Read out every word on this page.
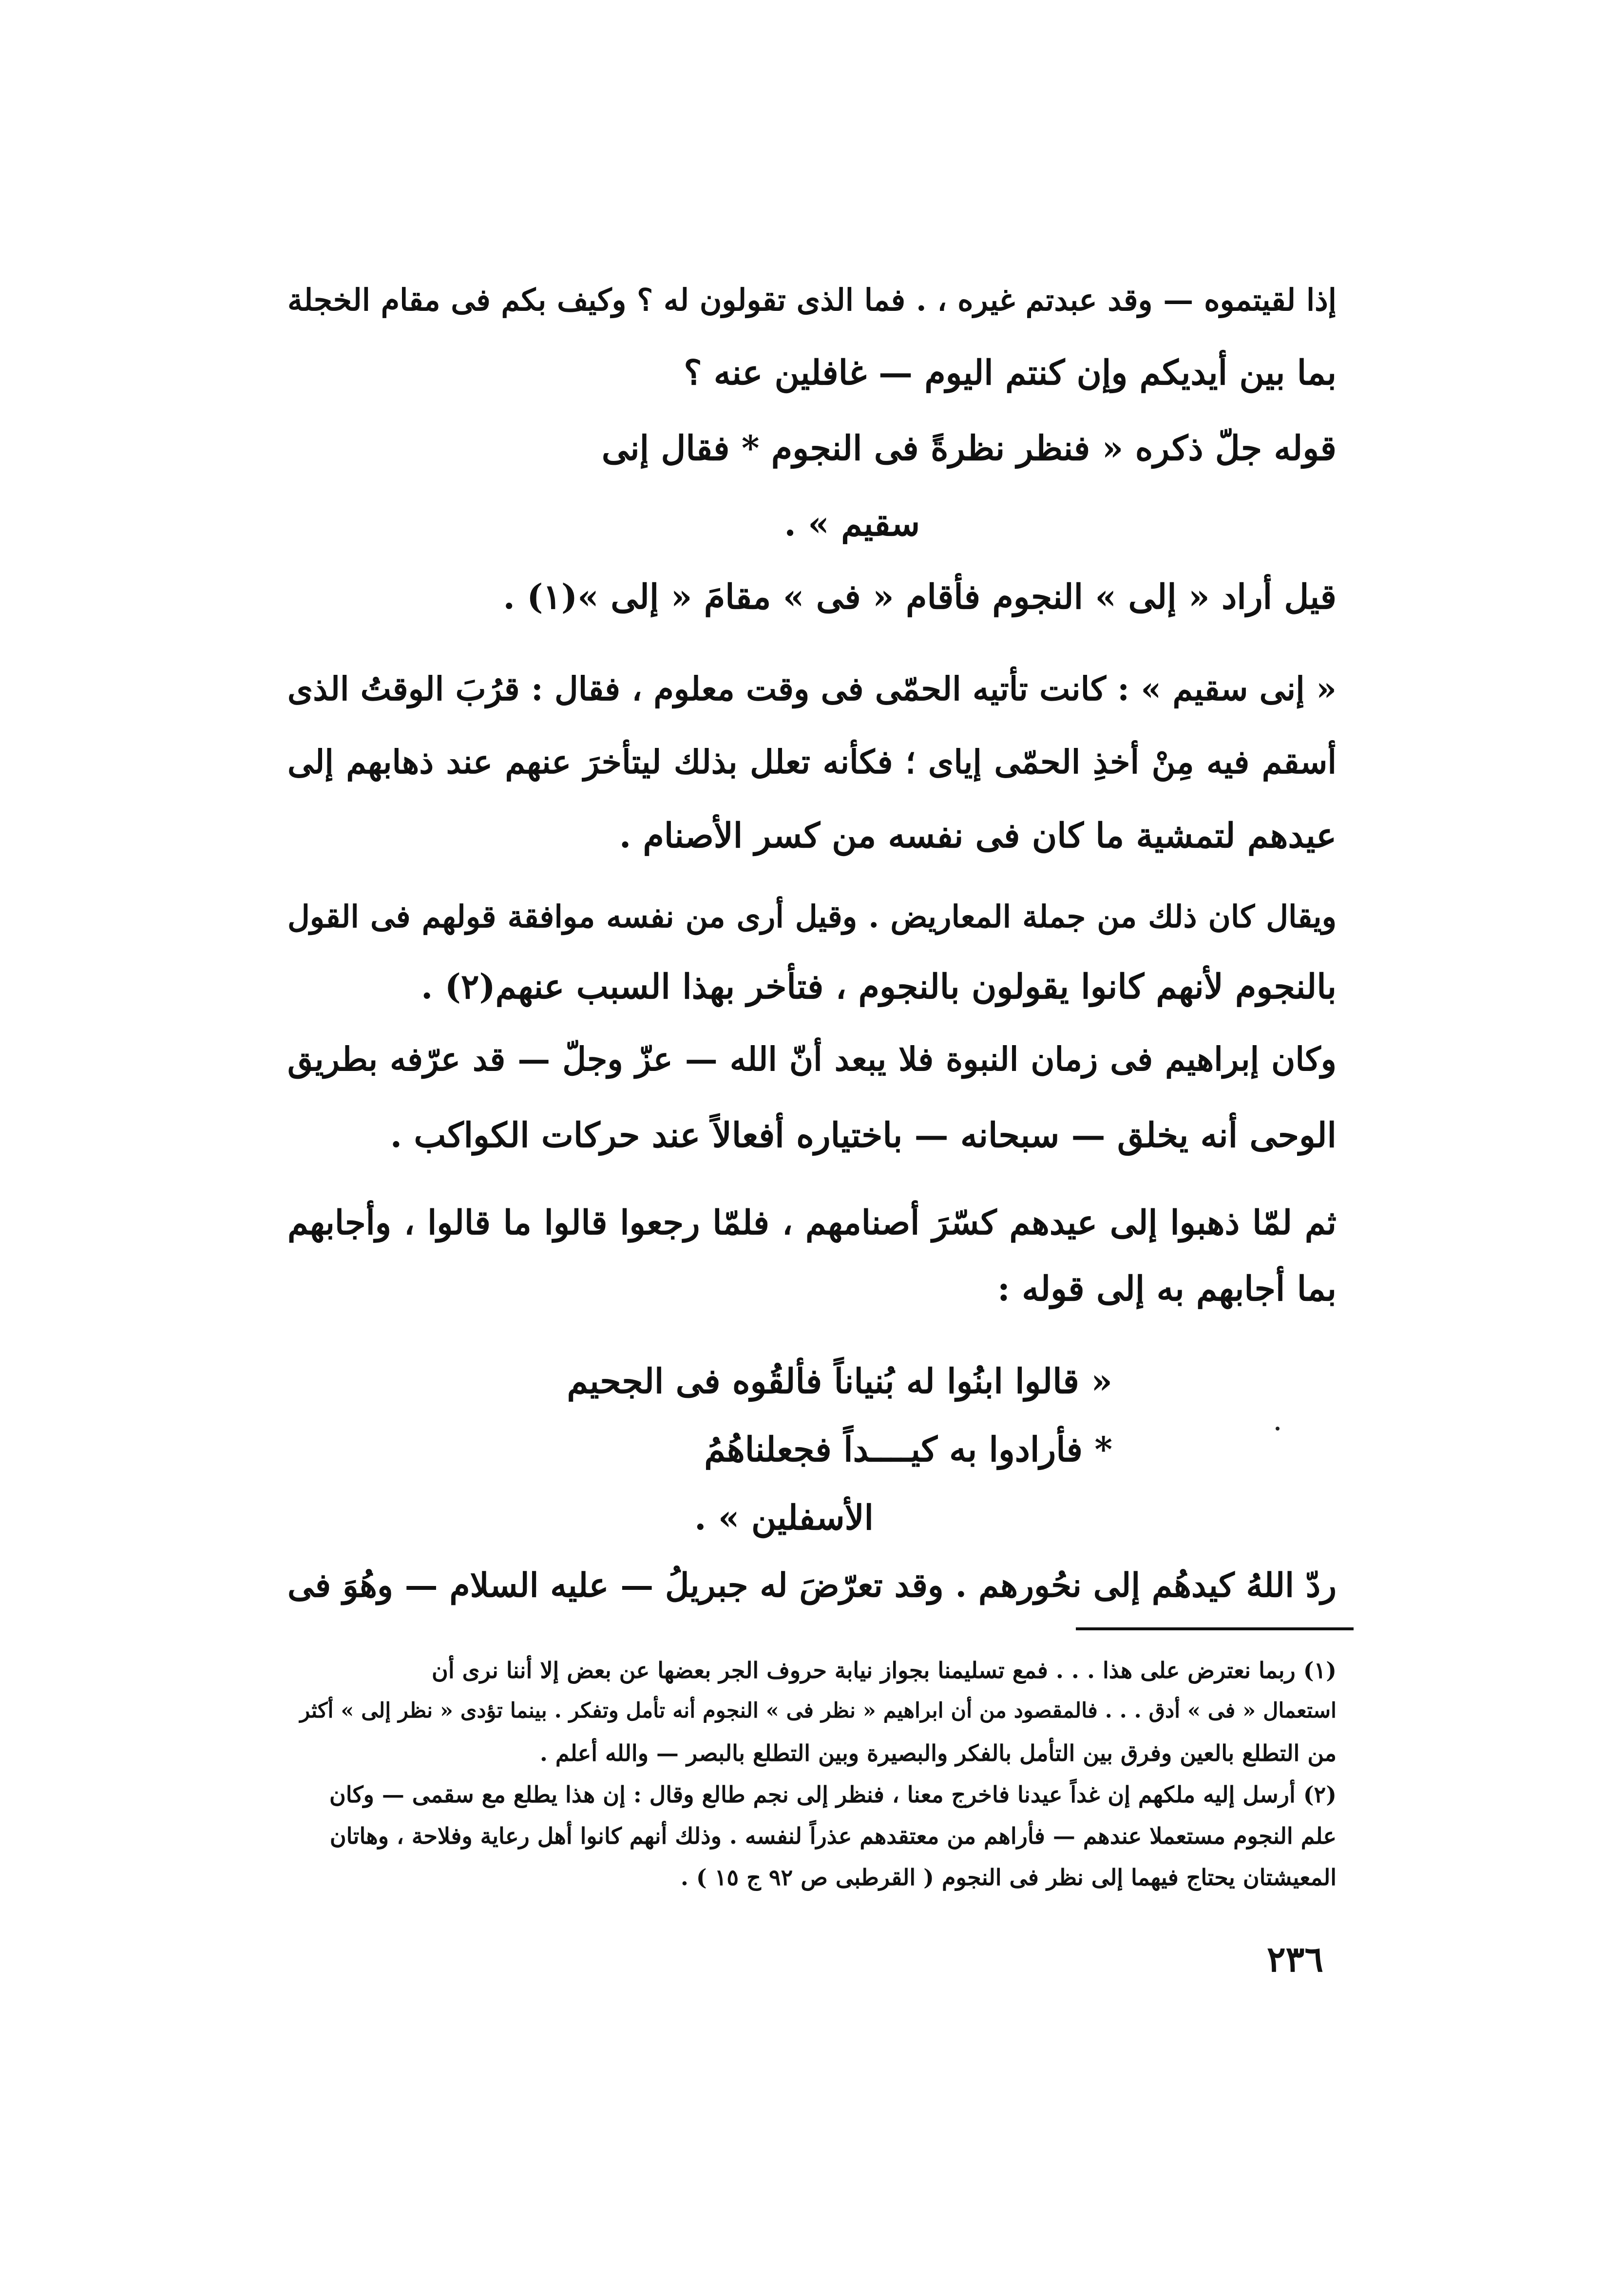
إذا لقيتموه — وقد عبدتم غيره ، . فما الذى تقولون له ؟ وكيف بكم فى مقام الخجلة
بما بين أيديكم وإن كنتم اليوم — غافلين عنه ؟
قوله جلّ ذكره « فنظر نظرةً فى النجوم * فقال إنى
سقيم » .
قيل أراد « إلى » النجوم فأقام « فى » مقامَ « إلى »(١) .
« إنى سقيم » : كانت تأتيه الحمّى فى وقت معلوم ، فقال : قرُبَ الوقتُ الذى
أسقم فيه مِنْ أخذِ الحمّى إياى ؛ فكأنه تعلل بذلك ليتأخرَ عنهم عند ذهابهم إلى
عيدهم لتمشية ما كان فى نفسه من كسر الأصنام .
ويقال كان ذلك من جملة المعاريض . وقيل أرى من نفسه موافقة قولهم فى القول
بالنجوم لأنهم كانوا يقولون بالنجوم ، فتأخر بهذا السبب عنهم(٢) .
وكان إبراهيم فى زمان النبوة فلا يبعد أنّ الله — عزّ وجلّ — قد عرّفه بطريق
الوحى أنه يخلق — سبحانه — باختياره أفعالاً عند حركات الكواكب .
ثم لمّا ذهبوا إلى عيدهم كسّرَ أصنامهم ، فلمّا رجعوا قالوا ما قالوا ، وأجابهم
بما أجابهم به إلى قوله :
« قالوا ابنُوا له بُنياناً فألقُوه فى الجحيم
* فأرادوا به كيــــداً فجعلناهُمُ
الأسفلين » .
ردّ اللهُ كيدهُم إلى نحُورهم . وقد تعرّضَ له جبريلُ — عليه السلام — وهُوَ فى
(١) ربما نعترض على هذا . . . فمع تسليمنا بجواز نيابة حروف الجر بعضها عن بعض إلا أننا نرى أن
استعمال « فى » أدق . . . فالمقصود من أن ابراهيم « نظر فى » النجوم أنه تأمل وتفكر . بينما تؤدى « نظر إلى » أكثر
من التطلع بالعين وفرق بين التأمل بالفكر والبصيرة وبين التطلع بالبصر — والله أعلم .
(٢) أرسل إليه ملكهم إن غداً عيدنا فاخرج معنا ، فنظر إلى نجم طالع وقال : إن هذا يطلع مع سقمى — وكان
علم النجوم مستعملا عندهم — فأراهم من معتقدهم عذراً لنفسه . وذلك أنهم كانوا أهل رعاية وفلاحة ، وهاتان
المعيشتان يحتاج فيهما إلى نظر فى النجوم ( القرطبى ص ٩٢ ج ١٥ ) .
٢٣٦
